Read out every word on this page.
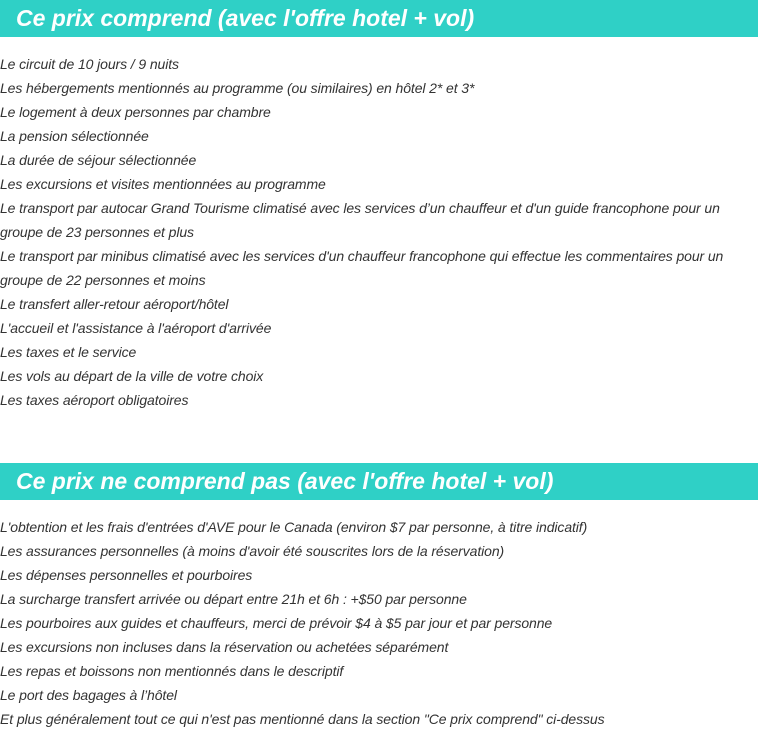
Ce prix comprend (avec l'offre hotel + vol)
Le circuit de 10 jours / 9 nuits
Les hébergements mentionnés au programme (ou similaires) en hôtel 2* et 3*
Le logement à deux personnes par chambre
La pension sélectionnée
La durée de séjour sélectionnée
Les excursions et visites mentionnées au programme
Le transport par autocar Grand Tourisme climatisé avec les services d’un chauffeur et d'un guide francophone pour un groupe de 23 personnes et plus
Le transport par minibus climatisé avec les services d'un chauffeur francophone qui effectue les commentaires pour un groupe de 22 personnes et moins
Le transfert aller-retour aéroport/hôtel
L'accueil et l'assistance à l'aéroport d'arrivée
Les taxes et le service
Les vols au départ de la ville de votre choix
Les taxes aéroport obligatoires
Ce prix ne comprend pas (avec l'offre hotel + vol)
L'obtention et les frais d'entrées d'AVE pour le Canada (environ $7 par personne, à titre indicatif)
Les assurances personnelles (à moins d'avoir été souscrites lors de la réservation)
Les dépenses personnelles et pourboires
La surcharge transfert arrivée ou départ entre 21h et 6h : +$50 par personne
Les pourboires aux guides et chauffeurs, merci de prévoir $4 à $5 par jour et par personne
Les excursions non incluses dans la réservation ou achetées séparément
Les repas et boissons non mentionnés dans le descriptif
Le port des bagages à l’hôtel
Et plus généralement tout ce qui n'est pas mentionné dans la section "Ce prix comprend" ci-dessus
